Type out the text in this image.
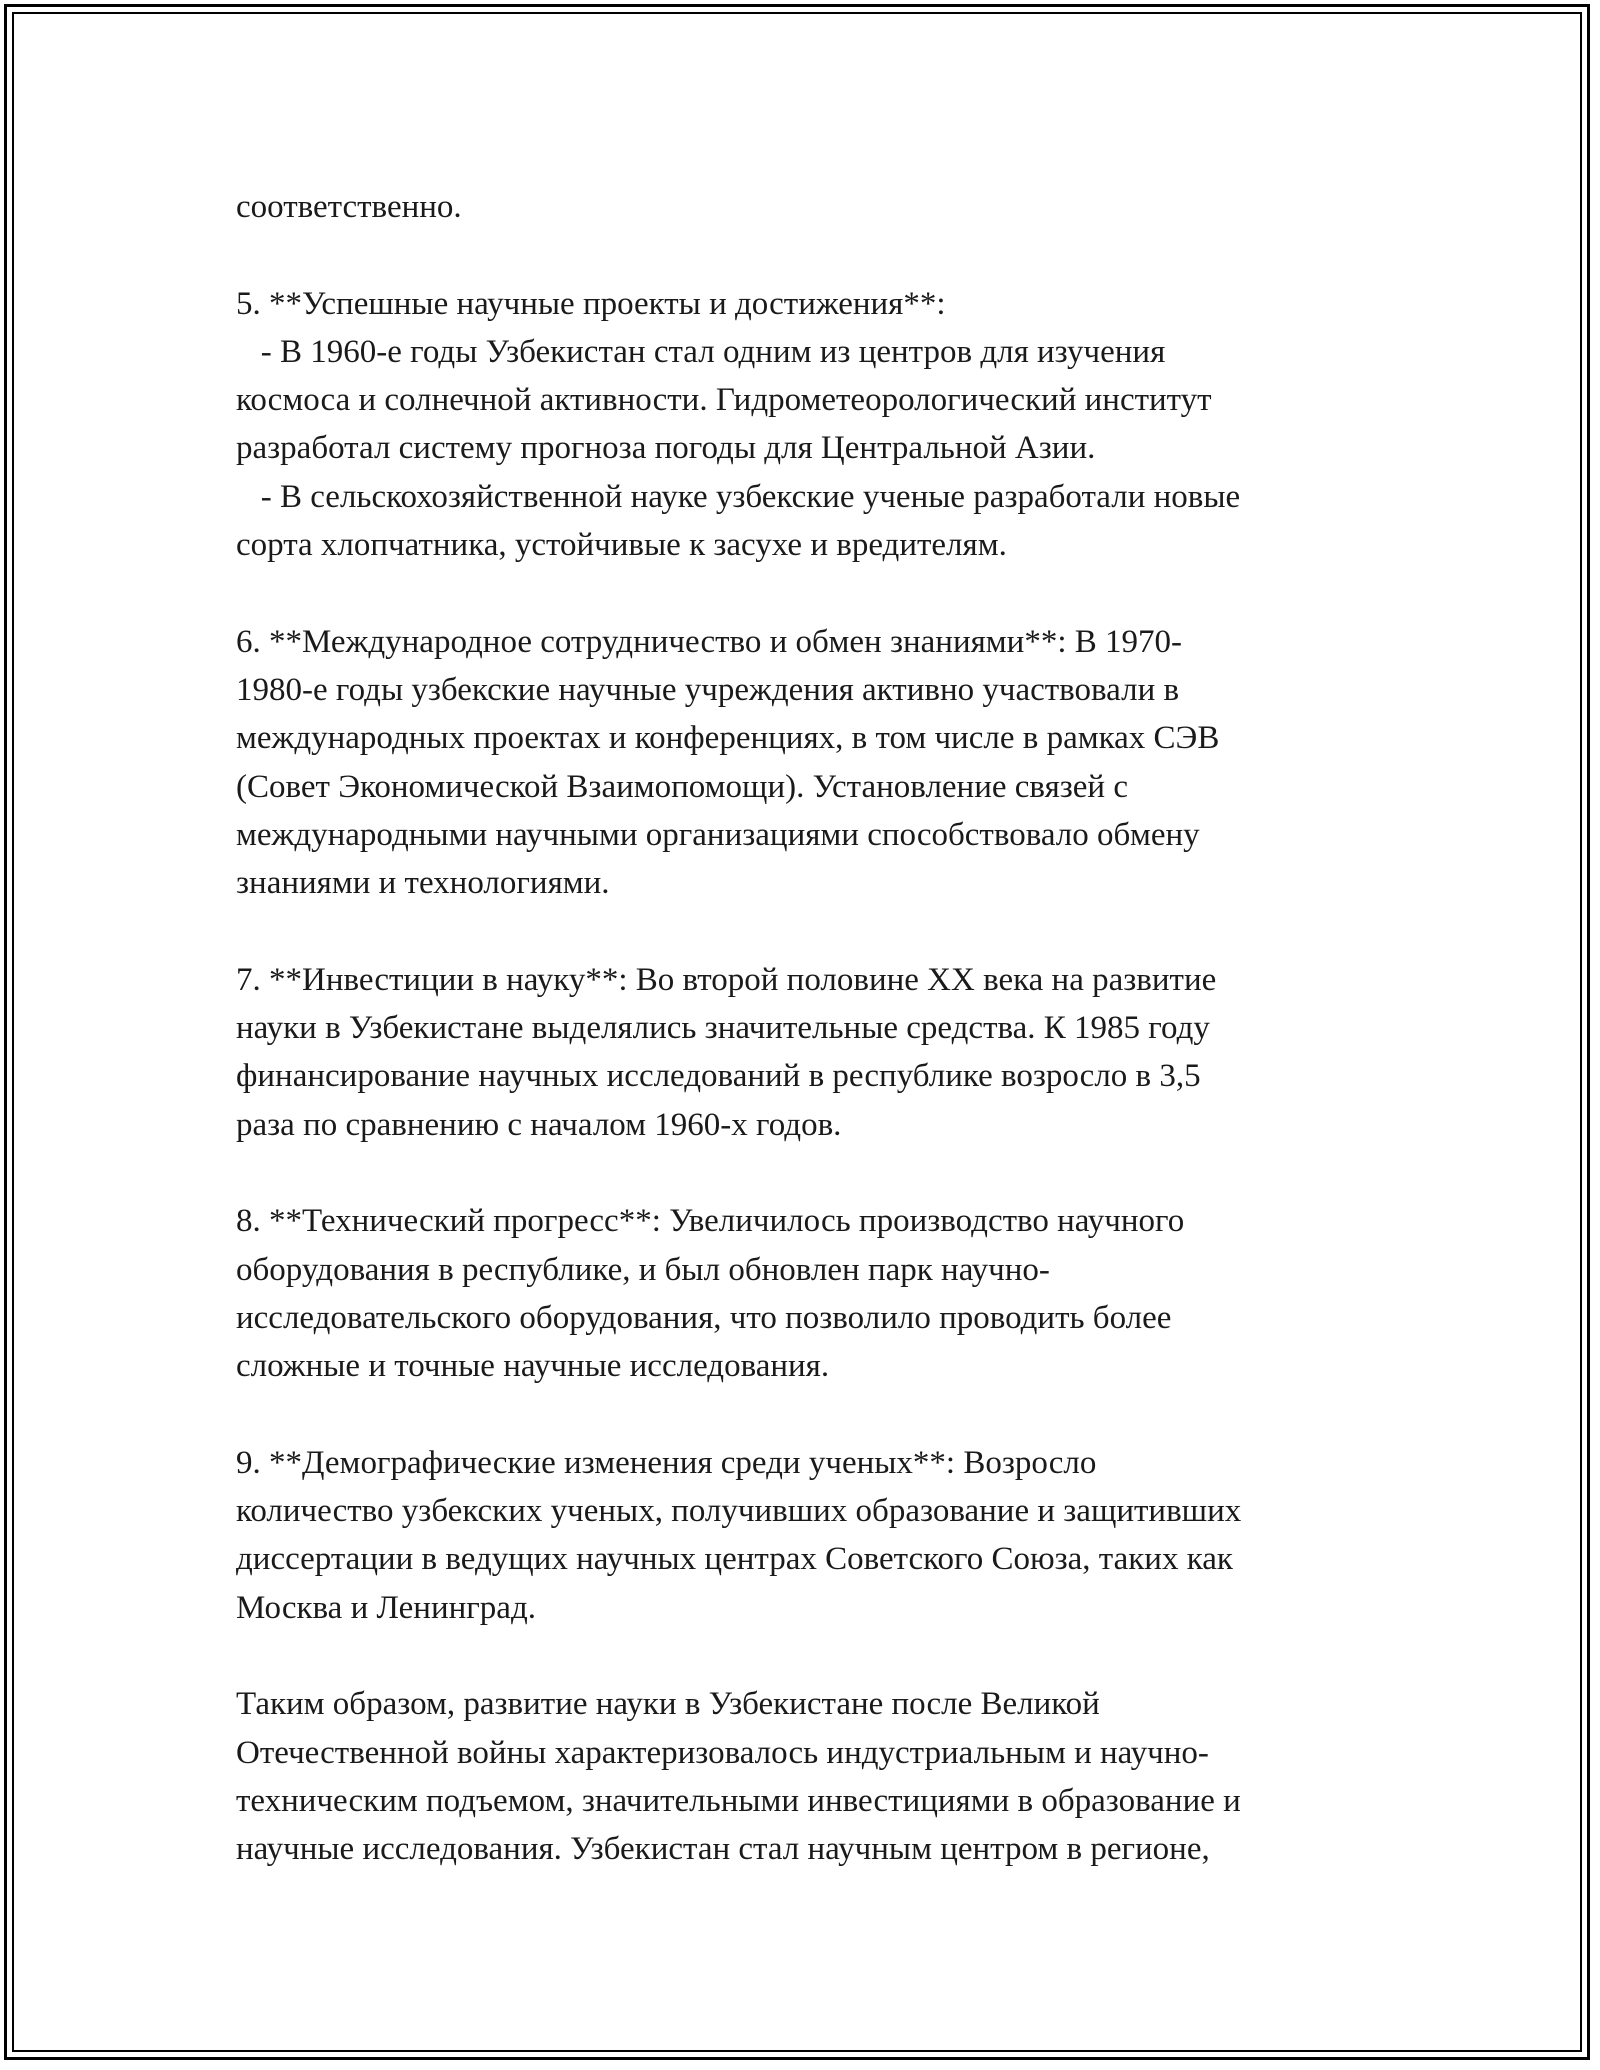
соответственно.

5. **Успешные научные проекты и достижения**:

- В 1960-е годы Узбекистан стал одним из центров для изучения

космоса и солнечной активности. Гидрометеорологический институт

разработал систему прогноза погоды для Центральной Азии.

- В сельскохозяйственной науке узбекские ученые разработали новые

сорта хлопчатника, устойчивые к засухе и вредителям.

6. **Международное сотрудничество и обмен знаниями**: В 1970-

1980-е годы узбекские научные учреждения активно участвовали в

международных проектах и конференциях, в том числе в рамках СЭВ

(Совет Экономической Взаимопомощи). Установление связей с

международными научными организациями способствовало обмену

знаниями и технологиями.

7. **Инвестиции в науку**: Во второй половине XX века на развитие

науки в Узбекистане выделялись значительные средства. К 1985 году

финансирование научных исследований в республике возросло в 3,5

раза по сравнению с началом 1960-х годов.

8. **Технический прогресс**: Увеличилось производство научного

оборудования в республике, и был обновлен парк научно-

исследовательского оборудования, что позволило проводить более

сложные и точные научные исследования.

9. **Демографические изменения среди ученых**: Возросло

количество узбекских ученых, получивших образование и защитивших

диссертации в ведущих научных центрах Советского Союза, таких как

Москва и Ленинград.

Таким образом, развитие науки в Узбекистане после Великой

Отечественной войны характеризовалось индустриальным и научно-

техническим подъемом, значительными инвестициями в образование и

научные исследования. Узбекистан стал научным центром в регионе,
